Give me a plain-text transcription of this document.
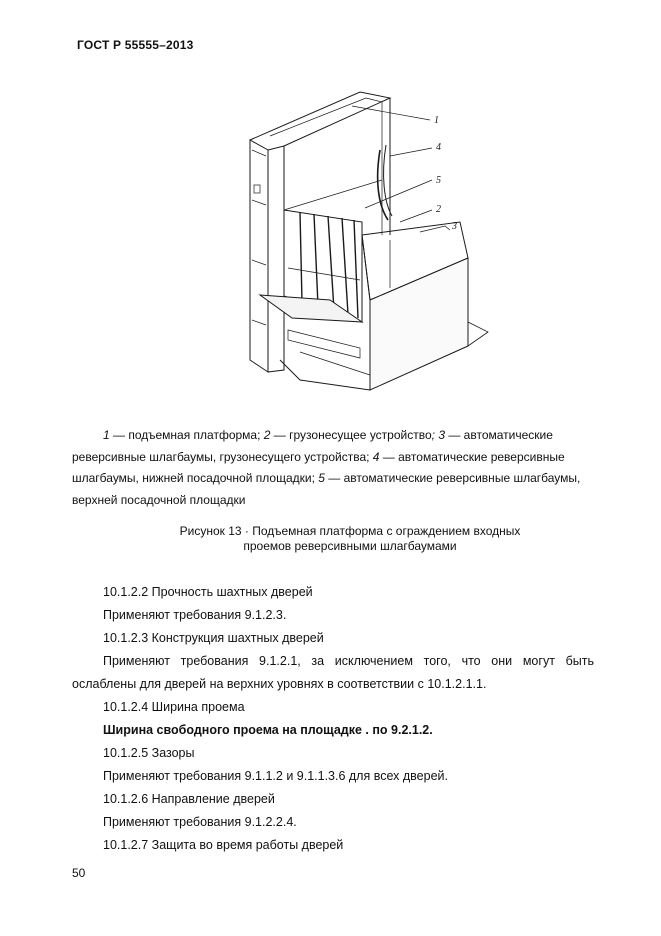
ГОСТ Р 55555–2013
1
4
5
2
3

1 — подъемная платформа; 2 — грузонесущее устройство; 3 — автоматические

реверсивные шлагбаумы, грузонесущего устройства; 4 — автоматические реверсивные

шлагбаумы, нижней посадочной площадки; 5 — автоматические реверсивные шлагбаумы,

верхней посадочной площадки

Рисунок 13 · Подъемная платформа с ограждением входных
проемов реверсивными шлагбаумами

10.1.2.2 Прочность шахтных дверей

Применяют требования 9.1.2.3.

10.1.2.3 Конструкция шахтных дверей

Применяют требования 9.1.2.1, за исключением того, что они могут быть

ослаблены для дверей на верхних уровнях в соответствии с 10.1.2.1.1.

10.1.2.4 Ширина проема

Ширина свободного проема на площадке . по 9.2.1.2.

10.1.2.5 Зазоры

Применяют требования 9.1.1.2 и 9.1.1.3.6 для всех дверей.

10.1.2.6 Направление дверей

Применяют требования 9.1.2.2.4.

10.1.2.7 Защита во время работы дверей

50
